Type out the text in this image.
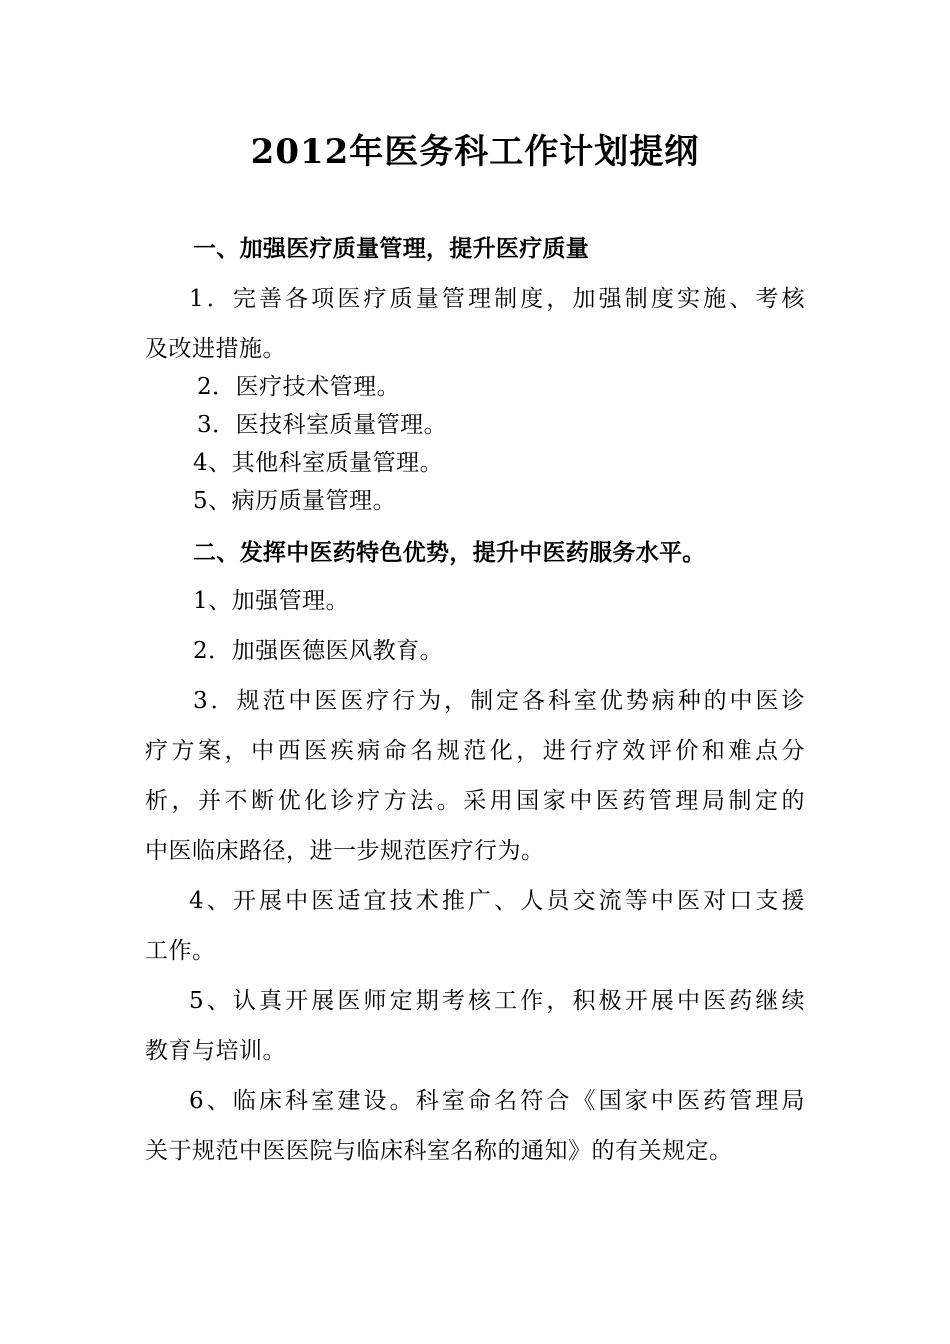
2012年医务科工作计划提纲
一、加强医疗质量管理，提升医疗质量
1．完善各项医疗质量管理制度，加强制度实施、考核
及改进措施。
2．医疗技术管理。
3．医技科室质量管理。
4、其他科室质量管理。
5、病历质量管理。
二、发挥中医药特色优势，提升中医药服务水平。
1、加强管理。
2．加强医德医风教育。
3．规范中医医疗行为，制定各科室优势病种的中医诊
疗方案，中西医疾病命名规范化，进行疗效评价和难点分
析，并不断优化诊疗方法。采用国家中医药管理局制定的
中医临床路径，进一步规范医疗行为。
4、开展中医适宜技术推广、人员交流等中医对口支援
工作。
5、认真开展医师定期考核工作，积极开展中医药继续
教育与培训。
6、临床科室建设。科室命名符合《国家中医药管理局
关于规范中医医院与临床科室名称的通知》的有关规定。
